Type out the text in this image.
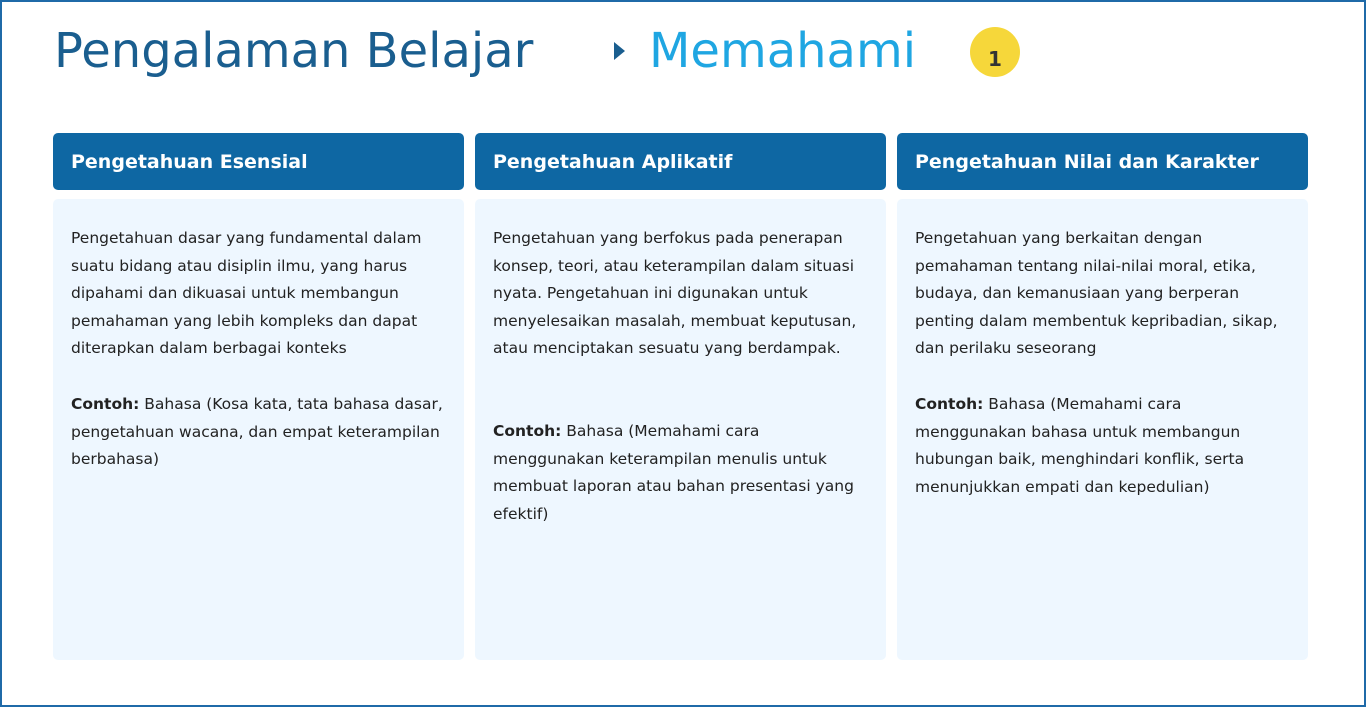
Pengalaman Belajar Memahami	1
Pengetahuan Esensial

Pengetahuan dasar yang fundamental dalam suatu bidang atau disiplin ilmu, yang harus dipahami dan dikuasai untuk membangun pemahaman yang lebih kompleks dan dapat diterapkan dalam berbagai konteks

Contoh: Bahasa (Kosa kata, tata bahasa dasar, pengetahuan wacana, dan empat keterampilan berbahasa)

Pengetahuan Aplikatif

Pengetahuan yang berfokus pada penerapan konsep, teori, atau keterampilan dalam situasi nyata. Pengetahuan ini digunakan untuk menyelesaikan masalah, membuat keputusan, atau menciptakan sesuatu yang berdampak.

Contoh: Bahasa (Memahami cara menggunakan keterampilan menulis untuk membuat laporan atau bahan presentasi yang efektif)

Pengetahuan Nilai dan Karakter

Pengetahuan yang berkaitan dengan pemahaman tentang nilai-nilai moral, etika, budaya, dan kemanusiaan yang berperan penting dalam membentuk kepribadian, sikap, dan perilaku seseorang

Contoh: Bahasa (Memahami cara menggunakan bahasa untuk membangun hubungan baik, menghindari konflik, serta menunjukkan empati dan kepedulian)
